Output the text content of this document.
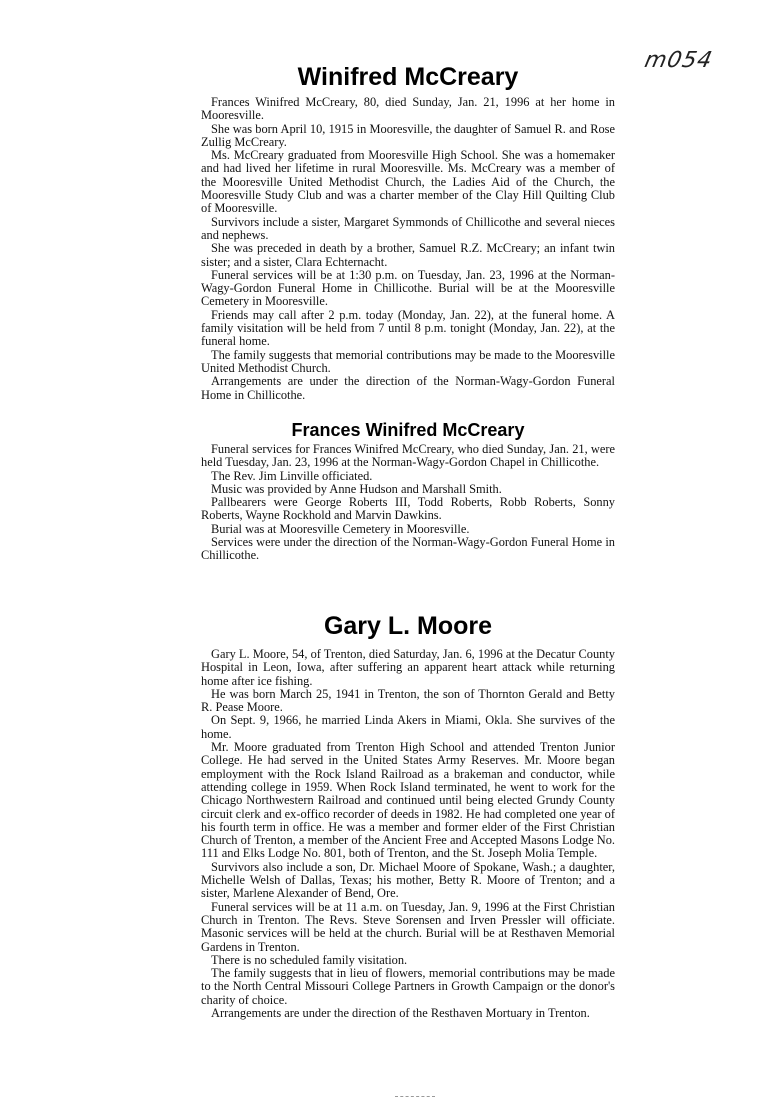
m054
Winifred McCreary

Frances Winifred McCreary, 80, died Sunday, Jan. 21, 1996 at her home in Mooresville.

She was born April 10, 1915 in Mooresville, the daughter of Samuel R. and Rose Zullig McCreary.

Ms. McCreary graduated from Mooresville High School. She was a homemaker and had lived her lifetime in rural Mooresville. Ms. McCreary was a member of the Mooresville United Methodist Church, the Ladies Aid of the Church, the Mooresville Study Club and was a charter member of the Clay Hill Quilting Club of Mooresville.

Survivors include a sister, Margaret Symmonds of Chillicothe and several nieces and nephews.

She was preceded in death by a brother, Samuel R.Z. McCreary; an infant twin sister; and a sister, Clara Echternacht.

Funeral services will be at 1:30 p.m. on Tuesday, Jan. 23, 1996 at the Norman-Wagy-Gordon Funeral Home in Chillicothe. Burial will be at the Mooresville Cemetery in Mooresville.

Friends may call after 2 p.m. today (Monday, Jan. 22), at the funeral home. A family visitation will be held from 7 until 8 p.m. tonight (Monday, Jan. 22), at the funeral home.

The family suggests that memorial contributions may be made to the Mooresville United Methodist Church.

Arrangements are under the direction of the Norman-Wagy-Gordon Funeral Home in Chillicothe.

Frances Winifred McCreary

Funeral services for Frances Winifred McCreary, who died Sunday, Jan. 21, were held Tuesday, Jan. 23, 1996 at the Norman-Wagy-Gordon Chapel in Chillicothe.

The Rev. Jim Linville officiated.

Music was provided by Anne Hudson and Marshall Smith.

Pallbearers were George Roberts III, Todd Roberts, Robb Roberts, Sonny Roberts, Wayne Rockhold and Marvin Dawkins.

Burial was at Mooresville Cemetery in Mooresville.

Services were under the direction of the Norman-Wagy-Gordon Funeral Home in Chillicothe.

Gary L. Moore

Gary L. Moore, 54, of Trenton, died Saturday, Jan. 6, 1996 at the Decatur County Hospital in Leon, Iowa, after suffering an apparent heart attack while returning home after ice fishing.

He was born March 25, 1941 in Trenton, the son of Thornton Gerald and Betty R. Pease Moore.

On Sept. 9, 1966, he married Linda Akers in Miami, Okla. She survives of the home.

Mr. Moore graduated from Trenton High School and attended Trenton Junior College. He had served in the United States Army Reserves. Mr. Moore began employment with the Rock Island Railroad as a brakeman and conductor, while attending college in 1959. When Rock Island terminated, he went to work for the Chicago Northwestern Railroad and continued until being elected Grundy County circuit clerk and ex-offico recorder of deeds in 1982. He had completed one year of his fourth term in office. He was a member and former elder of the First Christian Church of Trenton, a member of the Ancient Free and Accepted Masons Lodge No. 111 and Elks Lodge No. 801, both of Trenton, and the St. Joseph Molia Temple.

Survivors also include a son, Dr. Michael Moore of Spokane, Wash.; a daughter, Michelle Welsh of Dallas, Texas; his mother, Betty R. Moore of Trenton; and a sister, Marlene Alexander of Bend, Ore.

Funeral services will be at 11 a.m. on Tuesday, Jan. 9, 1996 at the First Christian Church in Trenton. The Revs. Steve Sorensen and Irven Pressler will officiate. Masonic services will be held at the church. Burial will be at Resthaven Memorial Gardens in Trenton.

There is no scheduled family visitation.

The family suggests that in lieu of flowers, memorial contributions may be made to the North Central Missouri College Partners in Growth Campaign or the donor's charity of choice.

Arrangements are under the direction of the Resthaven Mortuary in Trenton.
